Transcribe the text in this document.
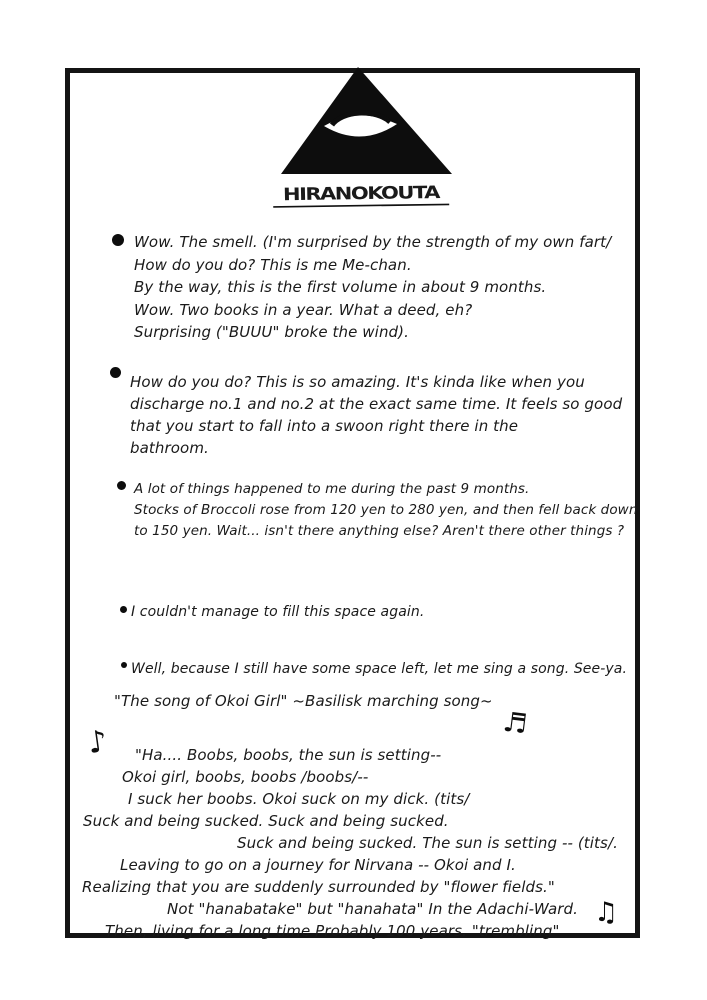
HIRANOKOUTA
Wow. The smell. (I'm surprised by the strength of my own fart/
How do you do? This is me Me-chan.
By the way, this is the first volume in about 9 months.
Wow. Two books in a year. What a deed, eh?
Surprising ("BUUU" broke the wind).
How do you do? This is so amazing. It's kinda like when you
discharge no.1 and no.2 at the exact same time. It feels so good
that you start to fall into a swoon right there in the
bathroom.
A lot of things happened to me during the past 9 months.
Stocks of Broccoli rose from 120 yen to 280 yen, and then fell back down
to 150 yen. Wait... isn't there anything else? Aren't there other things ?
I couldn't manage to fill this space again.
Well, because I still have some space left, let me sing a song. See-ya.
"The song of Okoi Girl" ~Basilisk marching song~
♪
♬
♫
"Ha.... Boobs, boobs, the sun is setting--
Okoi girl, boobs, boobs /boobs/--
I suck her boobs. Okoi suck on my dick. (tits/
Suck and being sucked. Suck and being sucked.
Suck and being sucked. The sun is setting -- (tits/.
Leaving to go on a journey for Nirvana -- Okoi and I.
Realizing that you are suddenly surrounded by "flower fields."
Not "hanabatake" but "hanahata" In the Adachi-Ward.
Then, living for a long time Probably 100 years. "trembling"
